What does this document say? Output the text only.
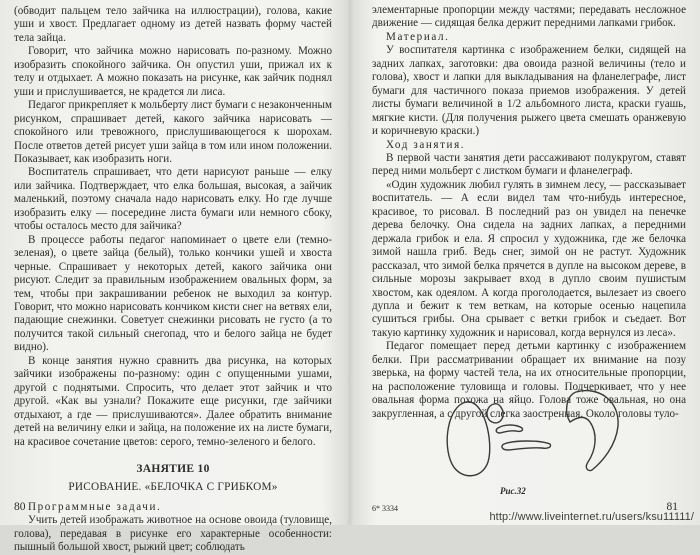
(обводит пальцем тело зайчика на иллюстрации), голова, какие уши и хвост. Предлагает одному из детей назвать форму частей тела зайца.

Говорит, что зайчика можно нарисовать по-разному. Можно изобразить спокойного зайчика. Он опустил уши, прижал их к телу и отдыхает. А можно показать на рисунке, как зайчик поднял уши и прислушивается, не крадется ли лиса.

Педагог прикрепляет к мольберту лист бумаги с незаконченным рисунком, спрашивает детей, какого зайчика нарисовать — спокойного или тревожного, прислушивающегося к шорохам. После ответов детей рисует уши зайца в том или ином положении. Показывает, как изобразить ноги.

Воспитатель спрашивает, что дети нарисуют раньше — елку или зайчика. Подтверждает, что елка большая, высокая, а зайчик маленький, поэтому сначала надо нарисовать елку. Но где лучше изобразить елку — посередине листа бумаги или немного сбоку, чтобы осталось место для зайчика?

В процессе работы педагог напоминает о цвете ели (темно-зеленая), о цвете зайца (белый), только кончики ушей и хвоста черные. Спрашивает у некоторых детей, какого зайчика они рисуют. Следит за правильным изображением овальных форм, за тем, чтобы при закрашивании ребенок не выходил за контур. Говорит, что можно нарисовать кончиком кисти снег на ветвях ели, падающие снежинки. Советует снежинки рисовать не густо (а то получится такой сильный снегопад, что и белого зайца не будет видно).

В конце занятия нужно сравнить два рисунка, на которых зайчики изображены по-разному: один с опущенными ушами, другой с поднятыми. Спросить, что делает этот зайчик и что другой. «Как вы узнали? Покажите еще рисунки, где зайчики отдыхают, а где — прислушиваются». Далее обратить внимание детей на величину елки и зайца, на положение их на листе бумаги, на красивое сочетание цветов: серого, темно-зеленого и белого.

ЗАНЯТИЕ 10
РИСОВАНИЕ. «БЕЛОЧКА С ГРИБКОМ»

Программные задачи.

Учить детей изображать животное на основе овоида (туловище, голова), передавая в рисунке его характерные особенности: пышный большой хвост, рыжий цвет; соблюдать

80

элементарные пропорции между частями; передавать несложное движение — сидящая белка держит передними лапками грибок.

Материал.

У воспитателя картинка с изображением белки, сидящей на задних лапках, заготовки: два овоида разной величины (тело и голова), хвост и лапки для выкладывания на фланелеграфе, лист бумаги для частичного показа приемов изображения. У детей листы бумаги величиной в 1/2 альбомного листа, краски гуашь, мягкие кисти. (Для получения рыжего цвета смешать оранжевую и коричневую краски.)

Ход занятия.

В первой части занятия дети рассаживают полукругом, ставят перед ними мольберт с листком бумаги и фланелеграф.

«Один художник любил гулять в зимнем лесу, — рассказывает воспитатель. — А если видел там что-нибудь интересное, красивое, то рисовал. В последний раз он увидел на пенечке дерева белочку. Она сидела на задних лапках, а передними держала грибок и ела. Я спросил у художника, где же белочка зимой нашла гриб. Ведь снег, зимой он не растут. Художник рассказал, что зимой белка прячется в дупле на высоком дереве, в сильные морозы закрывает вход в дупло своим пушистым хвостом, как одеялом. А когда проголодается, вылезает из своего дупла и бежит к тем веткам, на которые осенью нацепила сушиться грибы. Она срывает с ветки грибок и съедает. Вот такую картинку художник и нарисовал, когда вернулся из леса».

Педагог помещает перед детьми картинку с изображением белки. При рассматривании обращает их внимание на позу зверька, на форму частей тела, на их относительные пропорции, на расположение туловища и головы. Подчеркивает, что у нее овальная форма похожа на яйцо. Голова тоже овальная, но она закругленная, а с другой слегка заостренная. Около головы туло-

Рис.32
6* 3334	81
http://www.liveinternet.ru/users/ksu11111/
